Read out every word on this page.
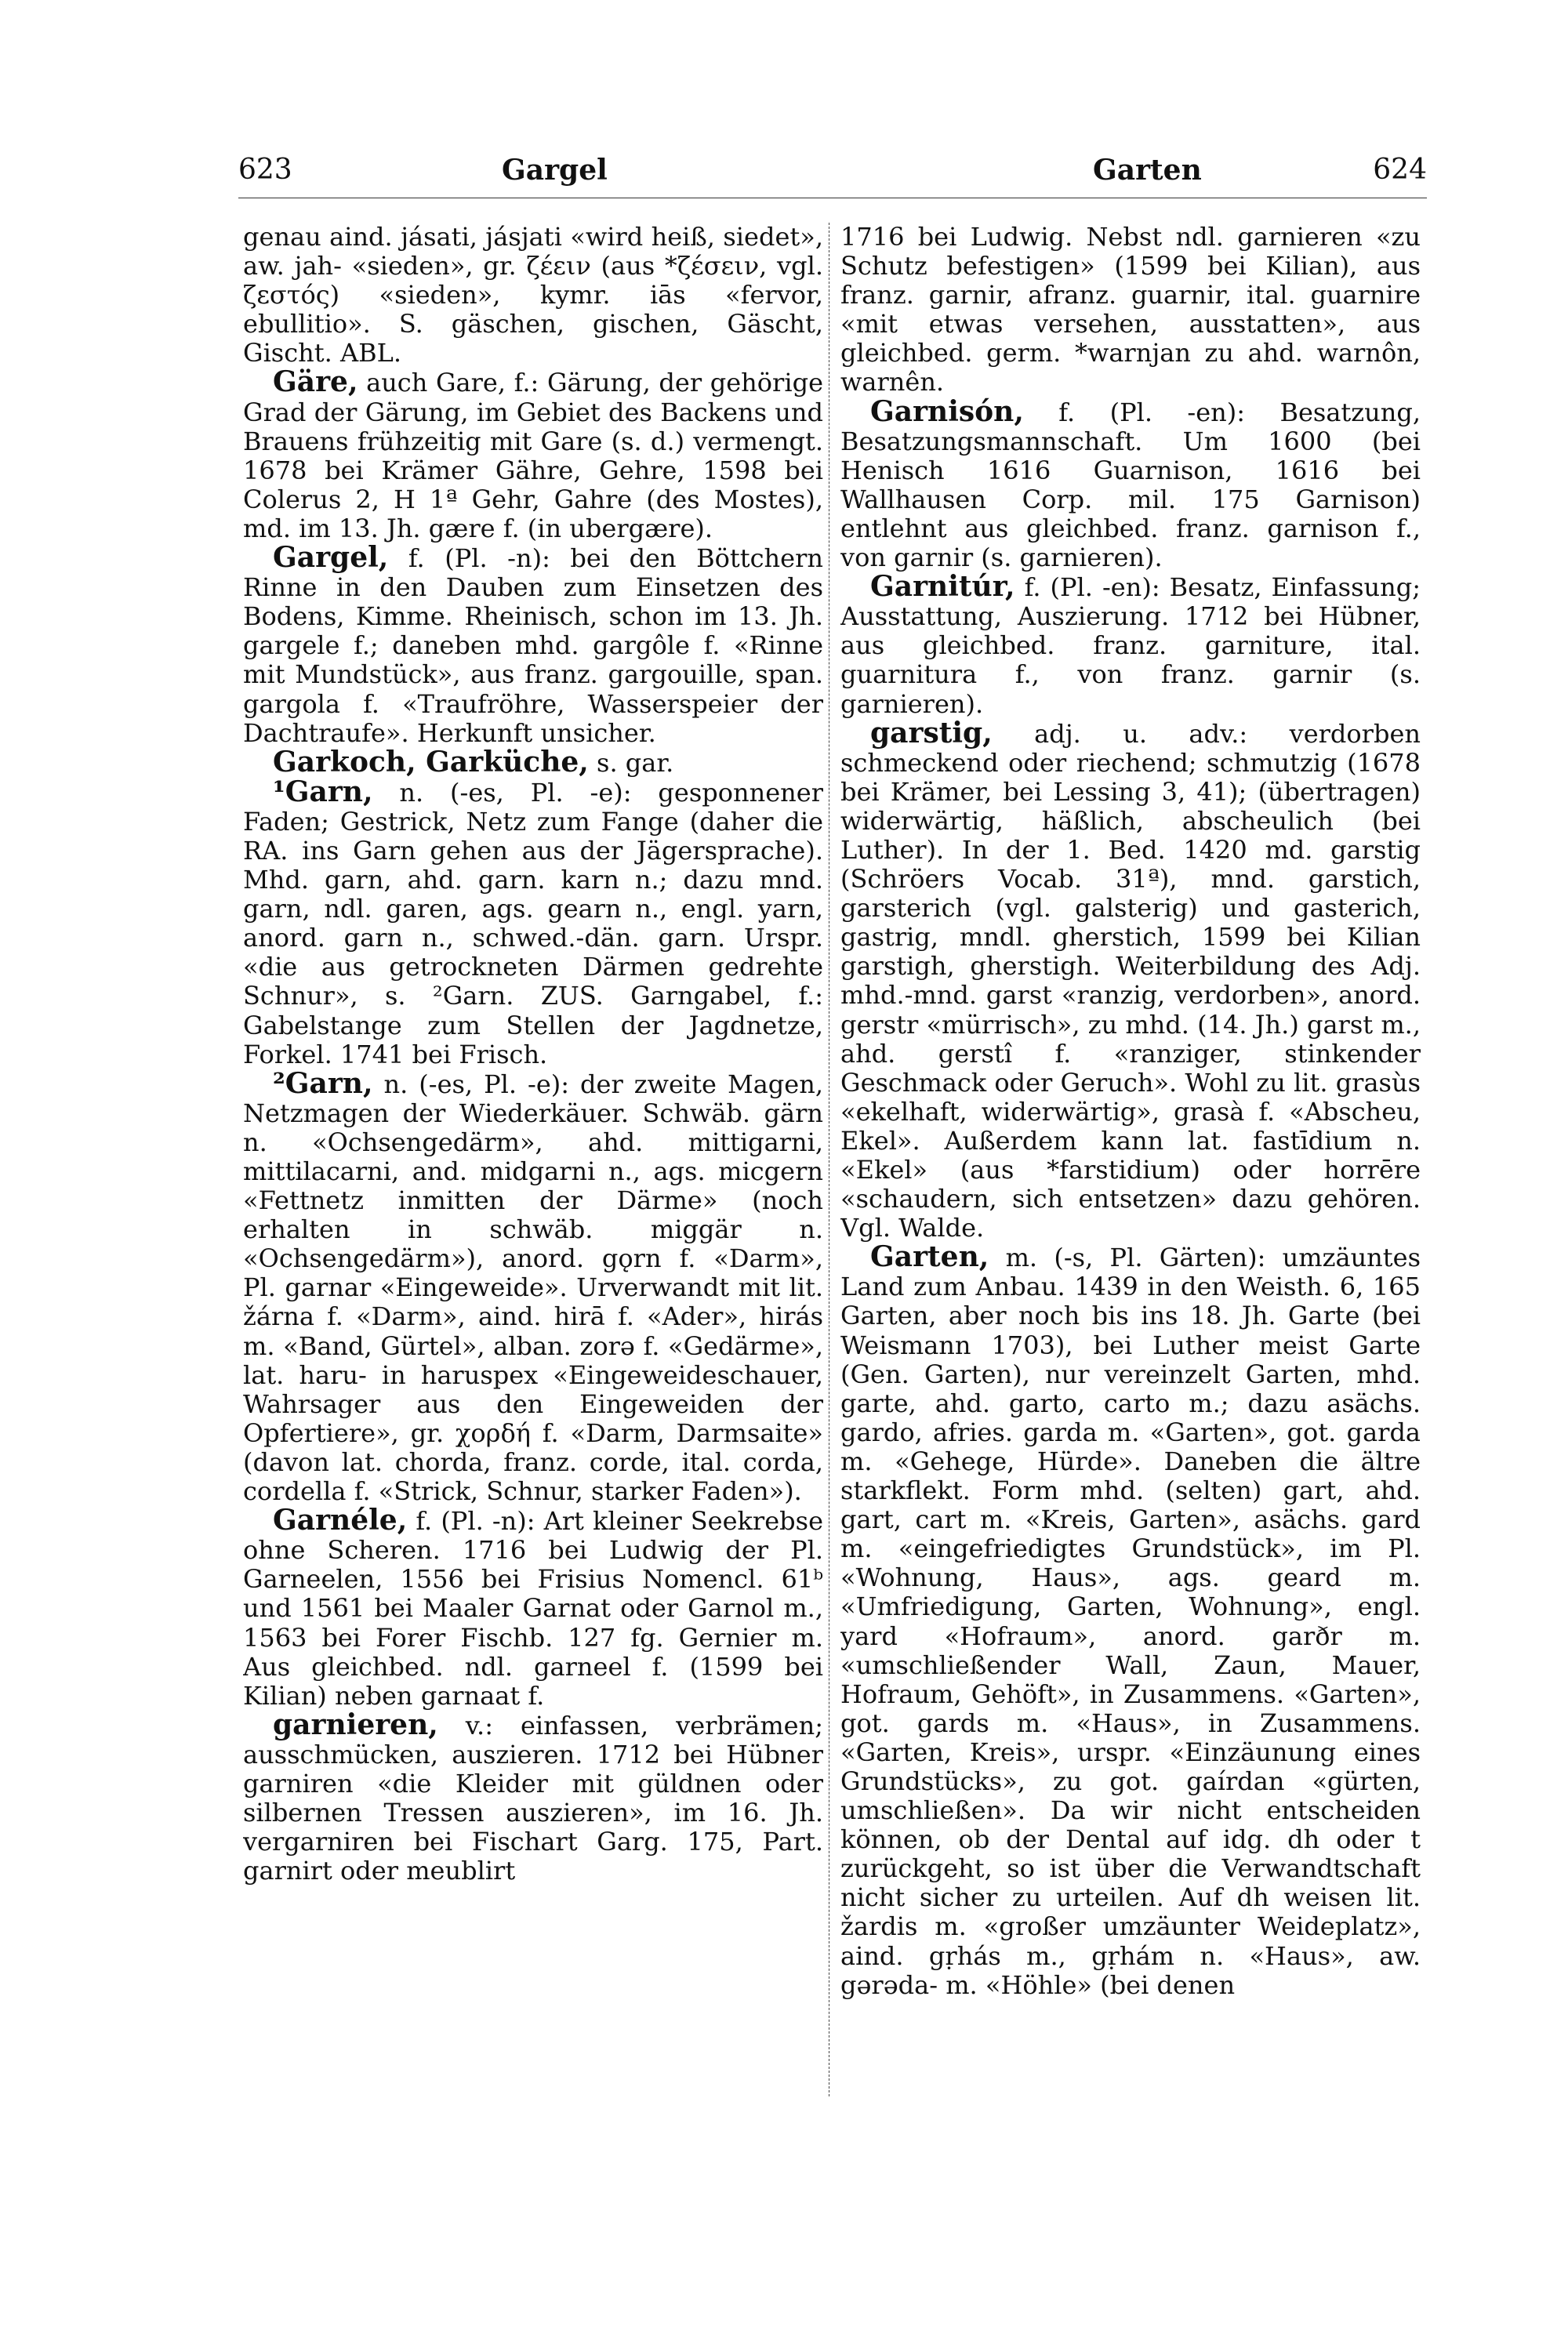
623	Gargel	Garten	624

genau aind. jásati, jásjati «wird heiß, siedet», aw. jah- «sieden», gr. ζέειν (aus *ζέσειν, vgl. ζεστός) «sieden», kymr. iās «fervor, ebullitio». S. gäschen, gischen, Gäscht, Gischt. ABL.

Gäre, auch Gare, f.: Gärung, der gehörige Grad der Gärung, im Gebiet des Backens und Brauens frühzeitig mit Gare (s. d.) vermengt. 1678 bei Krämer Gähre, Gehre, 1598 bei Colerus 2, H 1ª Gehr, Gahre (des Mostes), md. im 13. Jh. gære f. (in ubergære).

Gargel, f. (Pl. -n): bei den Böttchern Rinne in den Dauben zum Einsetzen des Bodens, Kimme. Rheinisch, schon im 13. Jh. gargele f.; daneben mhd. gargôle f. «Rinne mit Mundstück», aus franz. gargouille, span. gargola f. «Traufröhre, Wasserspeier der Dachtraufe». Herkunft unsicher.

Garkoch, Garküche, s. gar.

¹Garn, n. (-es, Pl. -e): gesponnener Faden; Gestrick, Netz zum Fange (daher die RA. ins Garn gehen aus der Jägersprache). Mhd. garn, ahd. garn. karn n.; dazu mnd. garn, ndl. garen, ags. gearn n., engl. yarn, anord. garn n., schwed.-dän. garn. Urspr. «die aus getrockneten Därmen gedrehte Schnur», s. ²Garn. ZUS. Garngabel, f.: Gabelstange zum Stellen der Jagdnetze, Forkel. 1741 bei Frisch.

²Garn, n. (-es, Pl. -e): der zweite Magen, Netzmagen der Wiederkäuer. Schwäb. gärn n. «Ochsengedärm», ahd. mittigarni, mittilacarni, and. midgarni n., ags. micgern «Fettnetz inmitten der Därme» (noch erhalten in schwäb. miggär n. «Ochsengedärm»), anord. gǫrn f. «Darm», Pl. garnar «Eingeweide». Urverwandt mit lit. žárna f. «Darm», aind. hirā f. «Ader», hirás m. «Band, Gürtel», alban. zorə f. «Gedärme», lat. haru- in haruspex «Eingeweideschauer, Wahrsager aus den Eingeweiden der Opfertiere», gr. χορδή f. «Darm, Darmsaite» (davon lat. chorda, franz. corde, ital. corda, cordella f. «Strick, Schnur, starker Faden»).

Garnéle, f. (Pl. -n): Art kleiner Seekrebse ohne Scheren. 1716 bei Ludwig der Pl. Garneelen, 1556 bei Frisius Nomencl. 61ᵇ und 1561 bei Maaler Garnat oder Garnol m., 1563 bei Forer Fischb. 127 fg. Gernier m. Aus gleichbed. ndl. garneel f. (1599 bei Kilian) neben garnaat f.

garnieren, v.: einfassen, verbrämen; ausschmücken, auszieren. 1712 bei Hübner garniren «die Kleider mit güldnen oder silbernen Tressen auszieren», im 16. Jh. vergarniren bei Fischart Garg. 175, Part. garnirt oder meublirt

1716 bei Ludwig. Nebst ndl. garnieren «zu Schutz befestigen» (1599 bei Kilian), aus franz. garnir, afranz. guarnir, ital. guarnire «mit etwas versehen, ausstatten», aus gleichbed. germ. *warnjan zu ahd. warnôn, warnên.

Garnisón, f. (Pl. -en): Besatzung, Besatzungsmannschaft. Um 1600 (bei Henisch 1616 Guarnison, 1616 bei Wallhausen Corp. mil. 175 Garnison) entlehnt aus gleichbed. franz. garnison f., von garnir (s. garnieren).

Garnitúr, f. (Pl. -en): Besatz, Einfassung; Ausstattung, Auszierung. 1712 bei Hübner, aus gleichbed. franz. garniture, ital. guarnitura f., von franz. garnir (s. garnieren).

garstig, adj. u. adv.: verdorben schmeckend oder riechend; schmutzig (1678 bei Krämer, bei Lessing 3, 41); (übertragen) widerwärtig, häßlich, abscheulich (bei Luther). In der 1. Bed. 1420 md. garstig (Schröers Vocab. 31ª), mnd. garstich, garsterich (vgl. galsterig) und gasterich, gastrig, mndl. gherstich, 1599 bei Kilian garstigh, gherstigh. Weiterbildung des Adj. mhd.-mnd. garst «ranzig, verdorben», anord. gerstr «mürrisch», zu mhd. (14. Jh.) garst m., ahd. gerstî f. «ranziger, stinkender Geschmack oder Geruch». Wohl zu lit. grasùs «ekelhaft, widerwärtig», grasà f. «Abscheu, Ekel». Außerdem kann lat. fastīdium n. «Ekel» (aus *farstidium) oder horrēre «schaudern, sich entsetzen» dazu gehören. Vgl. Walde.

Garten, m. (-s, Pl. Gärten): umzäuntes Land zum Anbau. 1439 in den Weisth. 6, 165 Garten, aber noch bis ins 18. Jh. Garte (bei Weismann 1703), bei Luther meist Garte (Gen. Garten), nur vereinzelt Garten, mhd. garte, ahd. garto, carto m.; dazu asächs. gardo, afries. garda m. «Garten», got. garda m. «Gehege, Hürde». Daneben die ältre starkflekt. Form mhd. (selten) gart, ahd. gart, cart m. «Kreis, Garten», asächs. gard m. «eingefriedigtes Grundstück», im Pl. «Wohnung, Haus», ags. geard m. «Umfriedigung, Garten, Wohnung», engl. yard «Hofraum», anord. garðr m. «umschließender Wall, Zaun, Mauer, Hofraum, Gehöft», in Zusammens. «Garten», got. gards m. «Haus», in Zusammens. «Garten, Kreis», urspr. «Einzäunung eines Grundstücks», zu got. gaírdan «gürten, umschließen». Da wir nicht entscheiden können, ob der Dental auf idg. dh oder t zurückgeht, so ist über die Verwandtschaft nicht sicher zu urteilen. Auf dh weisen lit. žardis m. «großer umzäunter Weideplatz», aind. gṛhás m., gṛhám n. «Haus», aw. gərəda- m. «Höhle» (bei denen
